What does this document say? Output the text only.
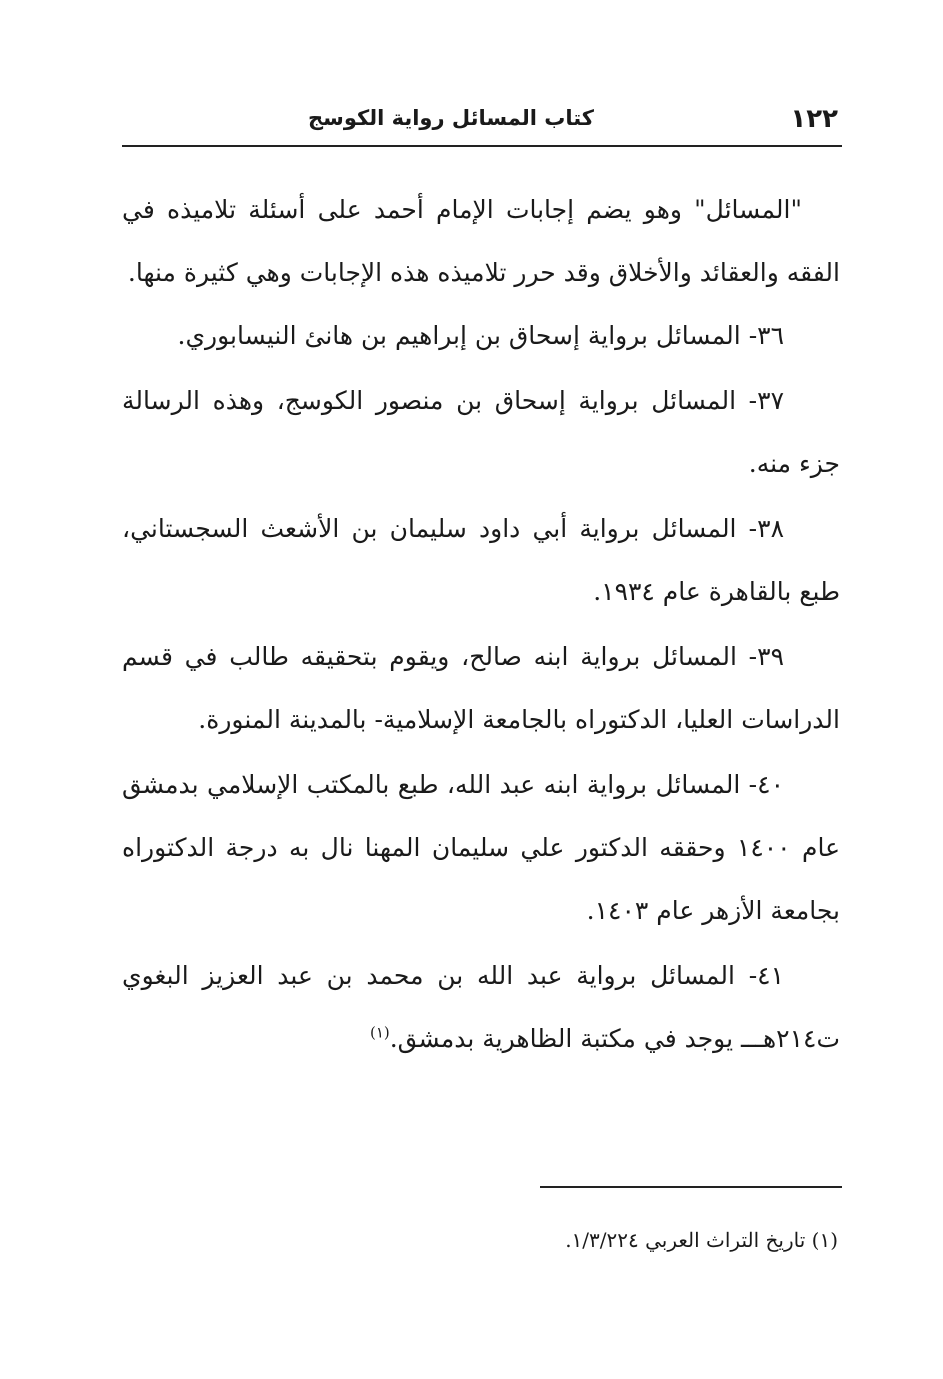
١٢٢
كتاب المسائل رواية الكوسج

"المسائل" وهو يضم إجابات الإمام أحمد على أسئلة تلاميذه في الفقه والعقائد والأخلاق وقد حرر تلاميذه هذه الإجابات وهي كثيرة منها.

٣٦- المسائل برواية إسحاق بن إبراهيم بن هانئ النيسابوري.

٣٧- المسائل برواية إسحاق بن منصور الكوسج، وهذه الرسالة جزء منه.

٣٨- المسائل برواية أبي داود سليمان بن الأشعث السجستاني، طبع بالقاهرة عام ١٩٣٤.

٣٩- المسائل برواية ابنه صالح، ويقوم بتحقيقه طالب في قسم الدراسات العليا، الدكتوراه بالجامعة الإسلامية- بالمدينة المنورة.

٤٠- المسائل برواية ابنه عبد الله، طبع بالمكتب الإسلامي بدمشق عام ١٤٠٠ وحققه الدكتور علي سليمان المهنا نال به درجة الدكتوراه بجامعة الأزهر عام ١٤٠٣.

٤١- المسائل برواية عبد الله بن محمد بن عبد العزيز البغوي ت٢١٤هـــ يوجد في مكتبة الظاهرية بدمشق.$^{(١)}$

(١) تاريخ التراث العربي ١/٣/٢٢٤.
